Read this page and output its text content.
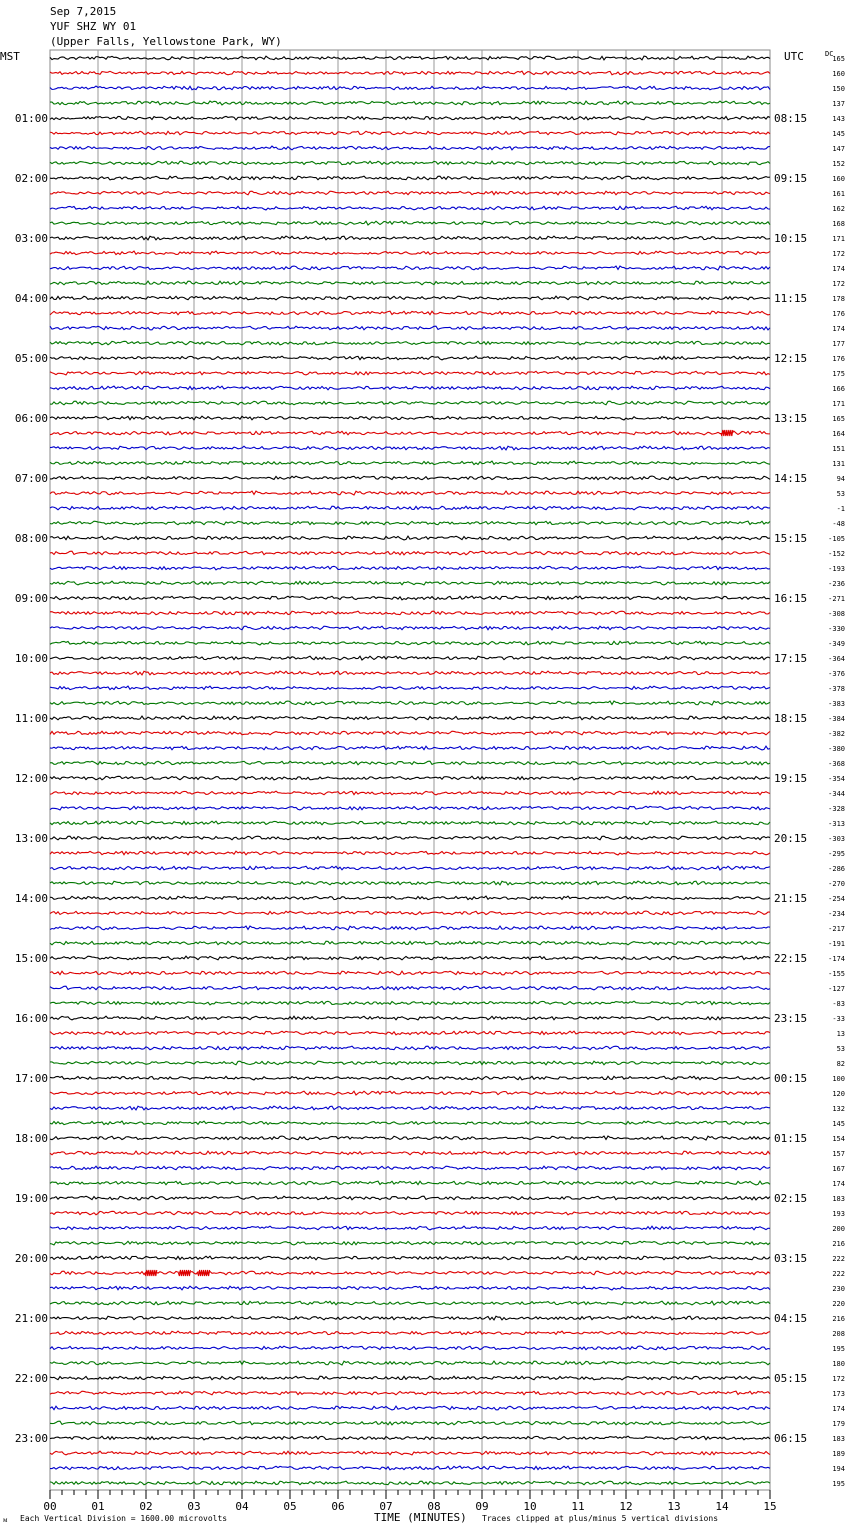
Sep 7,2015
YUF SHZ WY 01
(Upper Falls, Yellowstone Park, WY)
MST	UTC	DC
01:00
02:00
03:00
04:00
05:00
06:00
07:00
08:00
09:00
10:00
11:00
12:00
13:00
14:00
15:00
16:00
17:00
18:00
19:00
20:00
21:00
22:00
23:00
08:15
09:15
10:15
11:15
12:15
13:15
14:15
15:15
16:15
17:15
18:15
19:15
20:15
21:15
22:15
23:15
00:15
01:15
02:15
03:15
04:15
05:15
06:15
165
160
150
137
143
145
147
152
160
161
162
168
171
172
174
172
178
176
174
177
176
175
166
171
165
164
151
131
94
53
-1
-48
-105
-152
-193
-236
-271
-308
-330
-349
-364
-376
-378
-383
-384
-382
-380
-368
-354
-344
-328
-313
-303
-295
-286
-270
-254
-234
-217
-191
-174
-155
-127
-83
-33
13
53
82
100
120
132
145
154
157
167
174
183
193
200
216
222
222
230
220
216
208
195
180
172
173
174
179
183
189
194
195
00	01	02	03	04	05	06	07	08	09	10	11	12	13	14	15
ᴍ Each Vertical Division = 1600.00 microvolts	TIME (MINUTES) Traces clipped at plus/minus 5 vertical divisions
